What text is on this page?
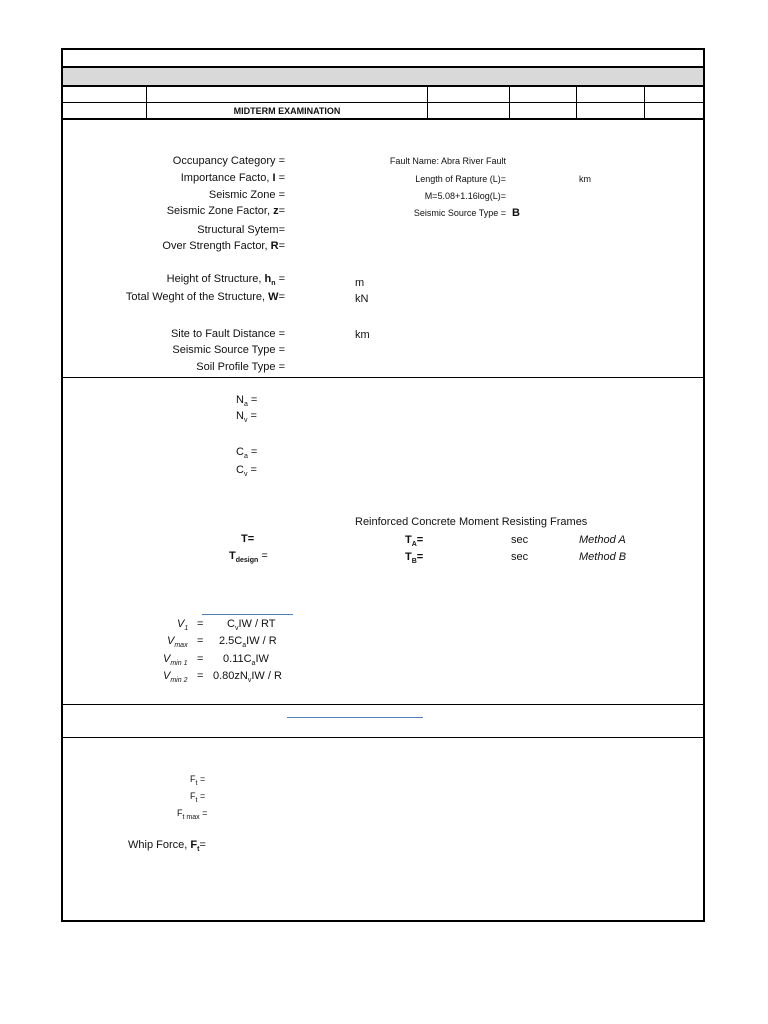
MIDTERM EXAMINATION
Occupancy Category =
Importance Facto, I =
Seismic Zone =
Seismic Zone Factor, z=
Structural Sytem=
Over Strength Factor, R=
Height of Structure, $h_n$ =
Total Weght of the Structure, W=
Site to Fault Distance =
Seismic Source Type =
Soil Profile Type =
m
kN
km
Fault Name: Abra River Fault
Length of Rapture (L)=	km
M=5.08+1.16log(L)=
Seismic Source Type = B
$N_a$ =
$N_v$ =
$C_a$ =
$C_v$ =
Reinforced Concrete Moment Resisting Frames
T=
$T_{design}$ =
$T_A=$
$T_B=$
sec
sec
Method A
Method B
$V_1 = C_vIW$ / RT
$V_{max} = 2.5C_aIW / R$
$V_{min 1} = 0.11C_aIW$
$V_{min 2} = 0.80zN_vIW / R$
$F_t$ =
$F_t$ =
$F_{t max}$ =
Whip Force, $F_t=$
